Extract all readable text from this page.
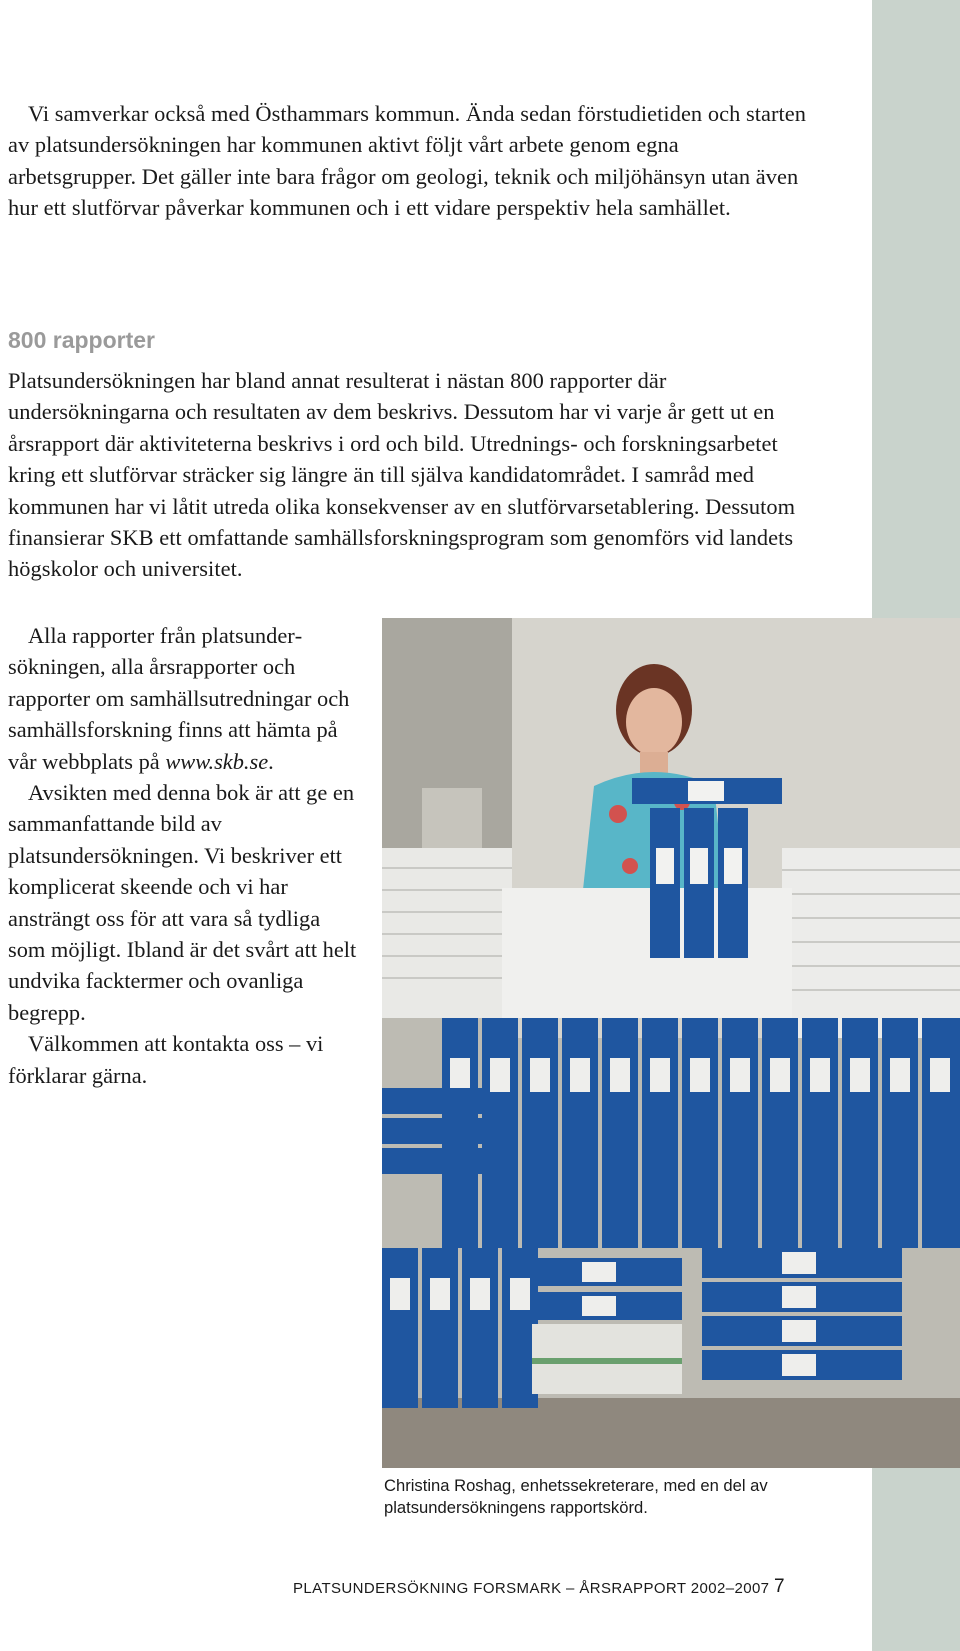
Vi samverkar också med Östhammars kommun. Ända sedan förstudietiden och starten av platsundersökningen har kommunen aktivt följt vårt arbete genom egna arbetsgrupper. Det gäller inte bara frågor om geologi, teknik och miljöhänsyn utan även hur ett slutförvar påverkar kommunen och i ett vidare perspektiv hela samhället.

800 rapporter

Platsundersökningen har bland annat resulterat i nästan 800 rapporter där undersökningarna och resultaten av dem beskrivs. Dessutom har vi varje år gett ut en årsrapport där aktiviteterna beskrivs i ord och bild. Utrednings- och forskningsarbetet kring ett slutförvar sträcker sig längre än till själva kandidatområdet. I samråd med kommunen har vi låtit utreda olika konsekvenser av en slutförvarsetablering. Dessutom finansierar SKB ett omfattande samhällsforskningsprogram som genomförs vid landets högskolor och universitet.

Alla rapporter från platsundersökningen, alla årsrapporter och rapporter om samhällsutredningar och samhällsforskning finns att hämta på vår webbplats på www.skb.se.

Avsikten med denna bok är att ge en sammanfattande bild av platsundersökningen. Vi beskriver ett komplicerat skeende och vi har ansträngt oss för att vara så tydliga som möjligt. Ibland är det svårt att helt undvika facktermer och ovanliga begrepp.

Välkommen att kontakta oss – vi förklarar gärna.

Christina Roshag, enhetssekreterare, med en del av platsundersökningens rapportskörd.

PLATSUNDERSÖKNING FORSMARK – ÅRSRAPPORT 2002–2007 7
